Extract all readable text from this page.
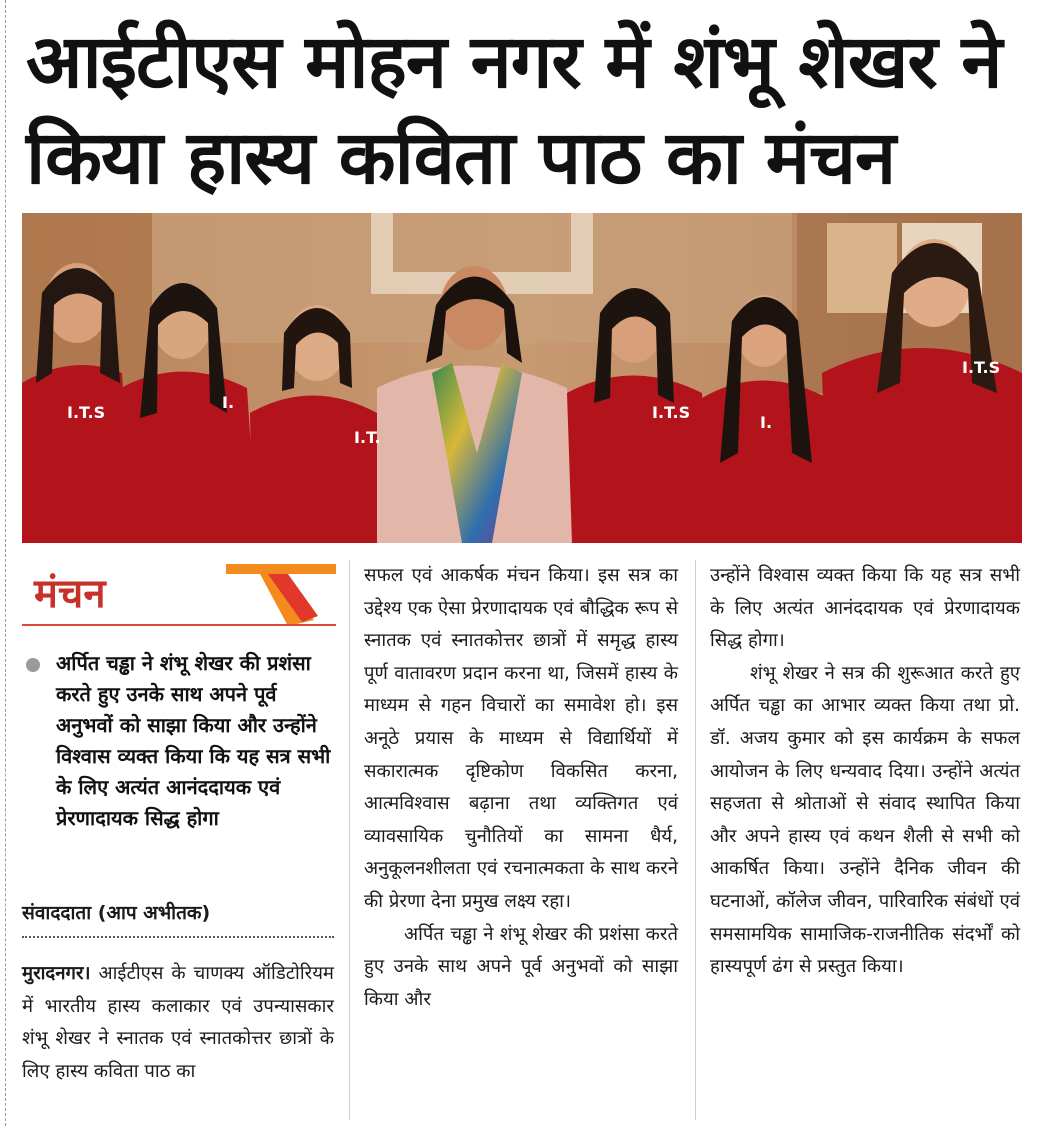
आईटीएस मोहन नगर में शंभू शेखर ने किया हास्य कविता पाठ का मंचन
I.T.S
I.
I.T.
I.T.S
I.
I.T.S
मंचन

अर्पित चड्ढा ने शंभू शेखर की प्रशंसा करते हुए उनके साथ अपने पूर्व अनुभवों को साझा किया और उन्होंने विश्वास व्यक्त किया कि यह सत्र सभी के लिए अत्यंत आनंददायक एवं प्रेरणादायक सिद्ध होगा

संवाददाता (आप अभीतक)

मुरादनगर। आईटीएस के चाणक्य ऑडिटोरियम में भारतीय हास्य कलाकार एवं उपन्यासकार शंभू शेखर ने स्नातक एवं स्नातकोत्तर छात्रों के लिए हास्य कविता पाठ का

सफल एवं आकर्षक मंचन किया। इस सत्र का उद्देश्य एक ऐसा प्रेरणादायक एवं बौद्धिक रूप से स्नातक एवं स्नातकोत्तर छात्रों में समृद्ध हास्य पूर्ण वातावरण प्रदान करना था, जिसमें हास्य के माध्यम से गहन विचारों का समावेश हो। इस अनूठे प्रयास के माध्यम से विद्यार्थियों में सकारात्मक दृष्टिकोण विकसित करना, आत्मविश्वास बढ़ाना तथा व्यक्तिगत एवं व्यावसायिक चुनौतियों का सामना धैर्य, अनुकूलनशीलता एवं रचनात्मकता के साथ करने की प्रेरणा देना प्रमुख लक्ष्य रहा।

अर्पित चड्ढा ने शंभू शेखर की प्रशंसा करते हुए उनके साथ अपने पूर्व अनुभवों को साझा किया और

उन्होंने विश्वास व्यक्त किया कि यह सत्र सभी के लिए अत्यंत आनंददायक एवं प्रेरणादायक सिद्ध होगा।

शंभू शेखर ने सत्र की शुरूआत करते हुए अर्पित चड्ढा का आभार व्यक्त किया तथा प्रो. डॉ. अजय कुमार को इस कार्यक्रम के सफल आयोजन के लिए धन्यवाद दिया। उन्होंने अत्यंत सहजता से श्रोताओं से संवाद स्थापित किया और अपने हास्य एवं कथन शैली से सभी को आकर्षित किया। उन्होंने दैनिक जीवन की घटनाओं, कॉलेज जीवन, पारिवारिक संबंधों एवं समसामयिक सामाजिक-राजनीतिक संदर्भों को हास्यपूर्ण ढंग से प्रस्तुत किया।
